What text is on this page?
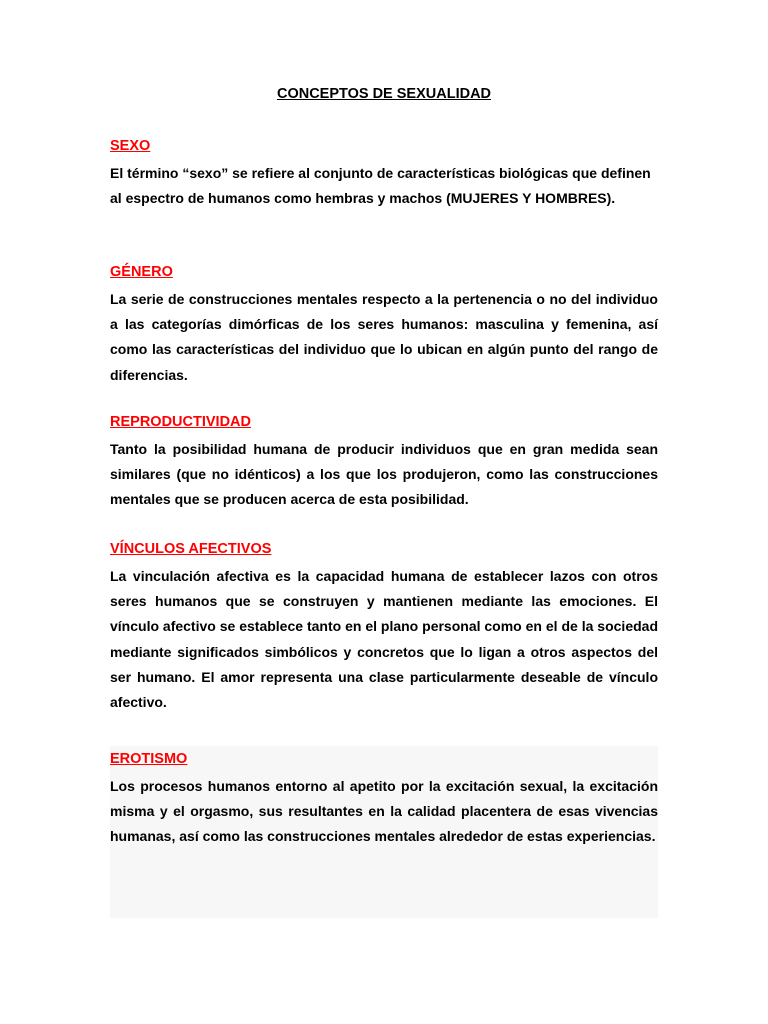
CONCEPTOS DE SEXUALIDAD
SEXO
El término “sexo” se refiere al conjunto de características biológicas que definen al espectro de humanos como hembras y machos (MUJERES Y HOMBRES).
GÉNERO
La serie de construcciones mentales respecto a la pertenencia o no del individuo a las categorías dimórficas de los seres humanos: masculina y femenina, así como las características del individuo que lo ubican en algún punto del rango de diferencias.
REPRODUCTIVIDAD
Tanto la posibilidad humana de producir individuos que en gran medida sean similares (que no idénticos) a los que los produjeron, como las construcciones mentales que se producen acerca de esta posibilidad.
VÍNCULOS AFECTIVOS
La vinculación afectiva es la capacidad humana de establecer lazos con otros seres humanos que se construyen y mantienen mediante las emociones. El vínculo afectivo se establece tanto en el plano personal como en el de la sociedad mediante significados simbólicos y concretos que lo ligan a otros aspectos del ser humano. El amor representa una clase particularmente deseable de vínculo afectivo.
EROTISMO
Los procesos humanos entorno al apetito por la excitación sexual, la excitación misma y el orgasmo, sus resultantes en la calidad placentera de esas vivencias humanas, así como las construcciones mentales alrededor de estas experiencias.
